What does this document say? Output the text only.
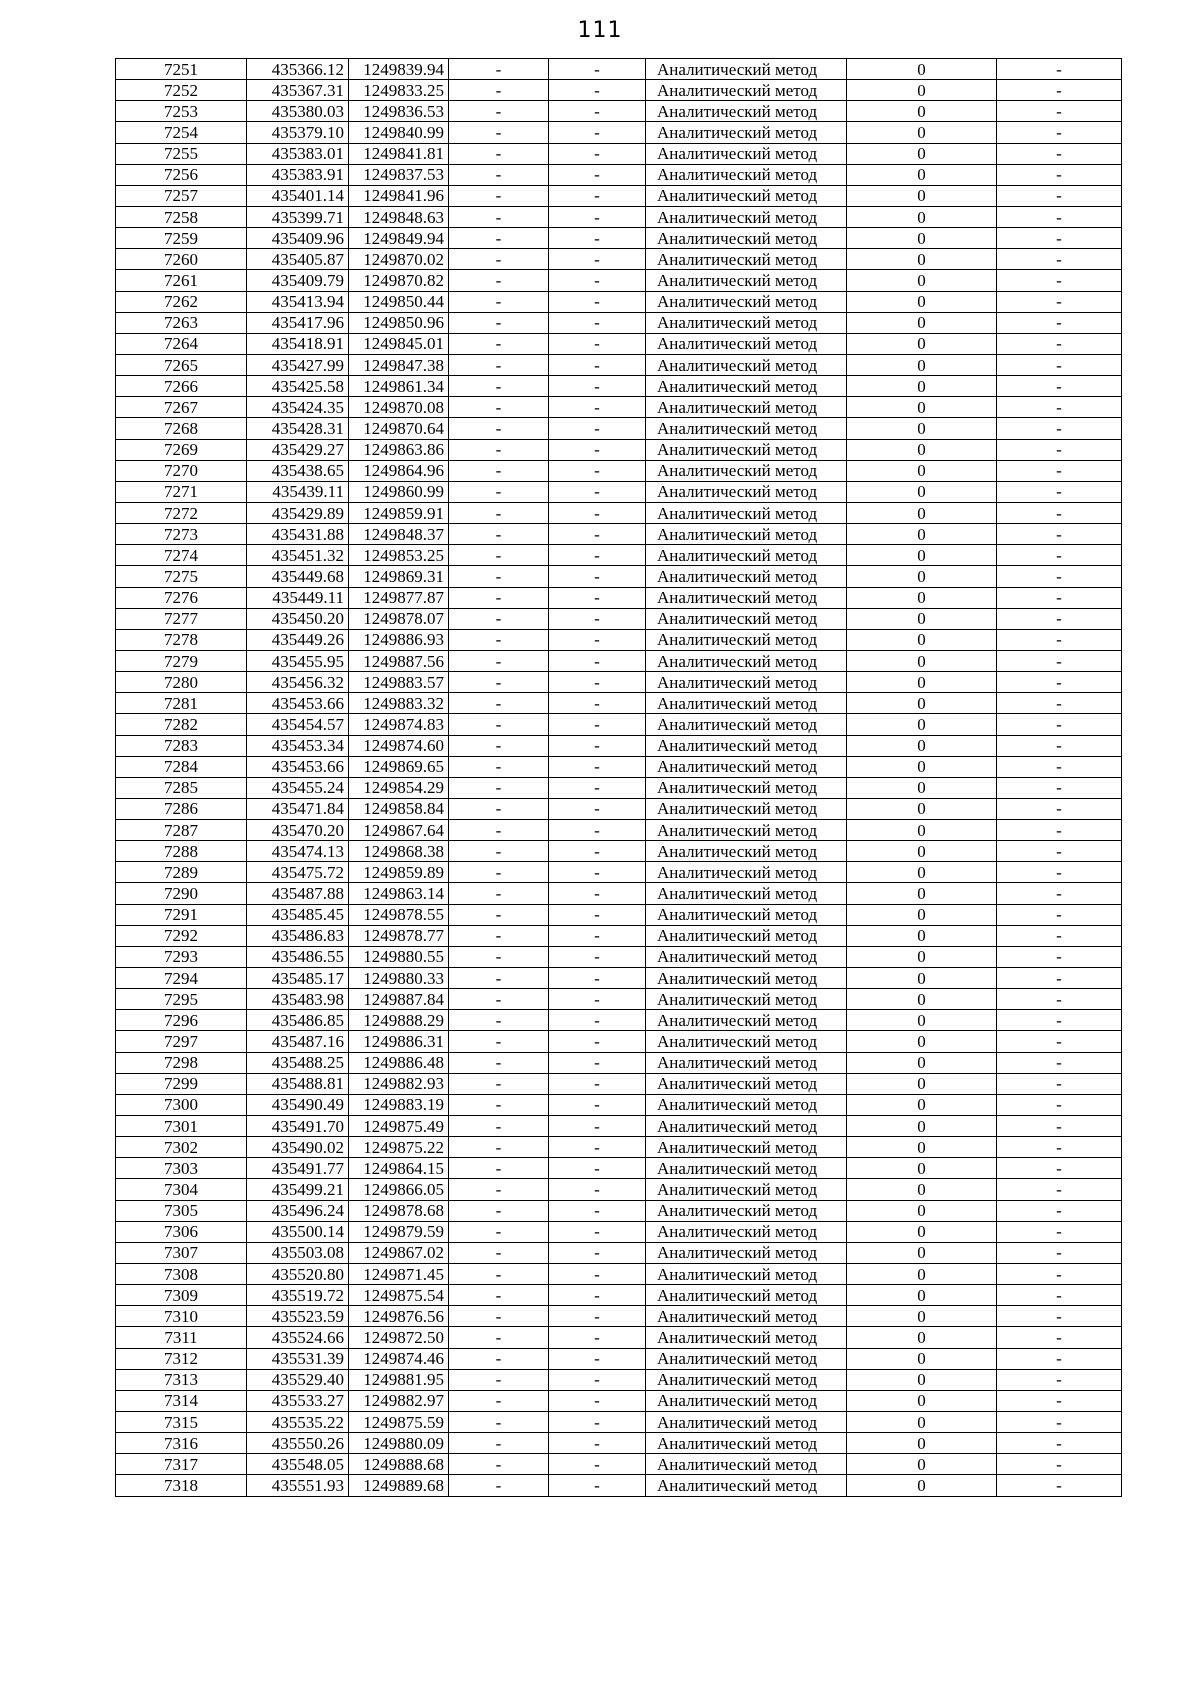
111
7251	435366.12	1249839.94	-	-	Аналитический метод	0	-
7252	435367.31	1249833.25	-	-	Аналитический метод	0	-
7253	435380.03	1249836.53	-	-	Аналитический метод	0	-
7254	435379.10	1249840.99	-	-	Аналитический метод	0	-
7255	435383.01	1249841.81	-	-	Аналитический метод	0	-
7256	435383.91	1249837.53	-	-	Аналитический метод	0	-
7257	435401.14	1249841.96	-	-	Аналитический метод	0	-
7258	435399.71	1249848.63	-	-	Аналитический метод	0	-
7259	435409.96	1249849.94	-	-	Аналитический метод	0	-
7260	435405.87	1249870.02	-	-	Аналитический метод	0	-
7261	435409.79	1249870.82	-	-	Аналитический метод	0	-
7262	435413.94	1249850.44	-	-	Аналитический метод	0	-
7263	435417.96	1249850.96	-	-	Аналитический метод	0	-
7264	435418.91	1249845.01	-	-	Аналитический метод	0	-
7265	435427.99	1249847.38	-	-	Аналитический метод	0	-
7266	435425.58	1249861.34	-	-	Аналитический метод	0	-
7267	435424.35	1249870.08	-	-	Аналитический метод	0	-
7268	435428.31	1249870.64	-	-	Аналитический метод	0	-
7269	435429.27	1249863.86	-	-	Аналитический метод	0	-
7270	435438.65	1249864.96	-	-	Аналитический метод	0	-
7271	435439.11	1249860.99	-	-	Аналитический метод	0	-
7272	435429.89	1249859.91	-	-	Аналитический метод	0	-
7273	435431.88	1249848.37	-	-	Аналитический метод	0	-
7274	435451.32	1249853.25	-	-	Аналитический метод	0	-
7275	435449.68	1249869.31	-	-	Аналитический метод	0	-
7276	435449.11	1249877.87	-	-	Аналитический метод	0	-
7277	435450.20	1249878.07	-	-	Аналитический метод	0	-
7278	435449.26	1249886.93	-	-	Аналитический метод	0	-
7279	435455.95	1249887.56	-	-	Аналитический метод	0	-
7280	435456.32	1249883.57	-	-	Аналитический метод	0	-
7281	435453.66	1249883.32	-	-	Аналитический метод	0	-
7282	435454.57	1249874.83	-	-	Аналитический метод	0	-
7283	435453.34	1249874.60	-	-	Аналитический метод	0	-
7284	435453.66	1249869.65	-	-	Аналитический метод	0	-
7285	435455.24	1249854.29	-	-	Аналитический метод	0	-
7286	435471.84	1249858.84	-	-	Аналитический метод	0	-
7287	435470.20	1249867.64	-	-	Аналитический метод	0	-
7288	435474.13	1249868.38	-	-	Аналитический метод	0	-
7289	435475.72	1249859.89	-	-	Аналитический метод	0	-
7290	435487.88	1249863.14	-	-	Аналитический метод	0	-
7291	435485.45	1249878.55	-	-	Аналитический метод	0	-
7292	435486.83	1249878.77	-	-	Аналитический метод	0	-
7293	435486.55	1249880.55	-	-	Аналитический метод	0	-
7294	435485.17	1249880.33	-	-	Аналитический метод	0	-
7295	435483.98	1249887.84	-	-	Аналитический метод	0	-
7296	435486.85	1249888.29	-	-	Аналитический метод	0	-
7297	435487.16	1249886.31	-	-	Аналитический метод	0	-
7298	435488.25	1249886.48	-	-	Аналитический метод	0	-
7299	435488.81	1249882.93	-	-	Аналитический метод	0	-
7300	435490.49	1249883.19	-	-	Аналитический метод	0	-
7301	435491.70	1249875.49	-	-	Аналитический метод	0	-
7302	435490.02	1249875.22	-	-	Аналитический метод	0	-
7303	435491.77	1249864.15	-	-	Аналитический метод	0	-
7304	435499.21	1249866.05	-	-	Аналитический метод	0	-
7305	435496.24	1249878.68	-	-	Аналитический метод	0	-
7306	435500.14	1249879.59	-	-	Аналитический метод	0	-
7307	435503.08	1249867.02	-	-	Аналитический метод	0	-
7308	435520.80	1249871.45	-	-	Аналитический метод	0	-
7309	435519.72	1249875.54	-	-	Аналитический метод	0	-
7310	435523.59	1249876.56	-	-	Аналитический метод	0	-
7311	435524.66	1249872.50	-	-	Аналитический метод	0	-
7312	435531.39	1249874.46	-	-	Аналитический метод	0	-
7313	435529.40	1249881.95	-	-	Аналитический метод	0	-
7314	435533.27	1249882.97	-	-	Аналитический метод	0	-
7315	435535.22	1249875.59	-	-	Аналитический метод	0	-
7316	435550.26	1249880.09	-	-	Аналитический метод	0	-
7317	435548.05	1249888.68	-	-	Аналитический метод	0	-
7318	435551.93	1249889.68	-	-	Аналитический метод	0	-
